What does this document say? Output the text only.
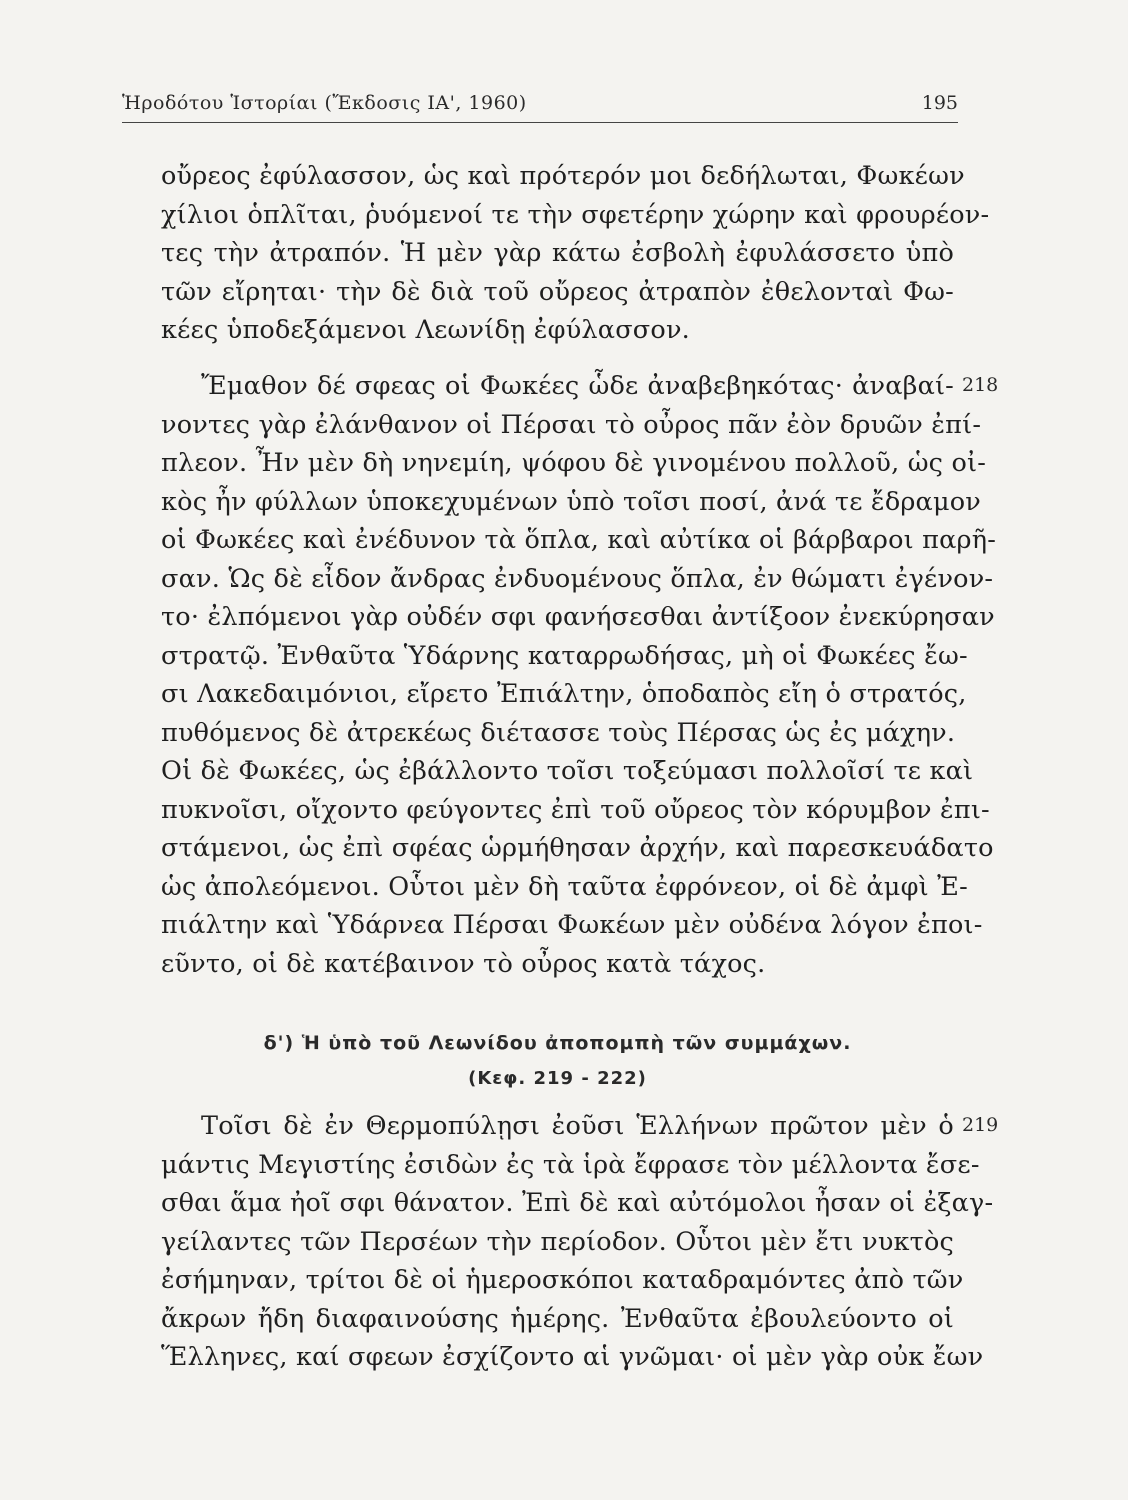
Ἡροδότου Ἱστορίαι (Ἔκδοσις ΙΑ', 1960)	195
οὔρεος ἐφύλασσον, ὡς καὶ πρότερόν μοι δεδήλωται, Φωκέων
χίλιοι ὁπλῖται, ῥυόμενοί τε τὴν σφετέρην χώρην καὶ φρουρέον-
τες τὴν ἀτραπόν. Ἡ μὲν γὰρ κάτω ἐσβολὴ ἐφυλάσσετο ὑπὸ
τῶν εἴρηται· τὴν δὲ διὰ τοῦ οὔρεος ἀτραπὸν ἐθελονταὶ Φω-
κέες ὑποδεξάμενοι Λεωνίδῃ ἐφύλασσον.
Ἔμαθον δέ σφεας οἱ Φωκέες ὧδε ἀναβεβηκότας· ἀναβαί-
νοντες γὰρ ἐλάνθανον οἱ Πέρσαι τὸ οὖρος πᾶν ἐὸν δρυῶν ἐπί-
πλεον. Ἦν μὲν δὴ νηνεμίη, ψόφου δὲ γινομένου πολλοῦ, ὡς οἰ-
κὸς ἦν φύλλων ὑποκεχυμένων ὑπὸ τοῖσι ποσί, ἀνά τε ἔδραμον
οἱ Φωκέες καὶ ἐνέδυνον τὰ ὅπλα, καὶ αὐτίκα οἱ βάρβαροι παρῆ-
σαν. Ὡς δὲ εἶδον ἄνδρας ἐνδυομένους ὅπλα, ἐν θώματι ἐγένον-
το· ἐλπόμενοι γὰρ οὐδέν σφι φανήσεσθαι ἀντίξοον ἐνεκύρησαν
στρατῷ. Ἐνθαῦτα Ὑδάρνης καταρρωδήσας, μὴ οἱ Φωκέες ἔω-
σι Λακεδαιμόνιοι, εἴρετο Ἐπιάλτην, ὁποδαπὸς εἴη ὁ στρατός,
πυθόμενος δὲ ἀτρεκέως διέτασσε τοὺς Πέρσας ὡς ἐς μάχην.
Οἱ δὲ Φωκέες, ὡς ἐβάλλοντο τοῖσι τοξεύμασι πολλοῖσί τε καὶ
πυκνοῖσι, οἴχοντο φεύγοντες ἐπὶ τοῦ οὔρεος τὸν κόρυμβον ἐπι-
στάμενοι, ὡς ἐπὶ σφέας ὡρμήθησαν ἀρχήν, καὶ παρεσκευάδατο
ὡς ἀπολεόμενοι. Οὗτοι μὲν δὴ ταῦτα ἐφρόνεον, οἱ δὲ ἀμφὶ Ἐ-
πιάλτην καὶ Ὑδάρνεα Πέρσαι Φωκέων μὲν οὐδένα λόγον ἐποι-
εῦντο, οἱ δὲ κατέβαινον τὸ οὖρος κατὰ τάχος.
218
δ') Ἡ ὑπὸ τοῦ Λεωνίδου ἀποπομπὴ τῶν συμμάχων.
(Κεφ. 219 - 222)
Τοῖσι δὲ ἐν Θερμοπύλῃσι ἐοῦσι Ἑλλήνων πρῶτον μὲν ὁ
μάντις Μεγιστίης ἐσιδὼν ἐς τὰ ἱρὰ ἔφρασε τὸν μέλλοντα ἔσε-
σθαι ἅμα ἠοῖ σφι θάνατον. Ἐπὶ δὲ καὶ αὐτόμολοι ἦσαν οἱ ἐξαγ-
γείλαντες τῶν Περσέων τὴν περίοδον. Οὗτοι μὲν ἔτι νυκτὸς
ἐσήμηναν, τρίτοι δὲ οἱ ἡμεροσκόποι καταδραμόντες ἀπὸ τῶν
ἄκρων ἤδη διαφαινούσης ἡμέρης. Ἐνθαῦτα ἐβουλεύοντο οἱ
Ἕλληνες, καί σφεων ἐσχίζοντο αἱ γνῶμαι· οἱ μὲν γὰρ οὐκ ἔων
219
